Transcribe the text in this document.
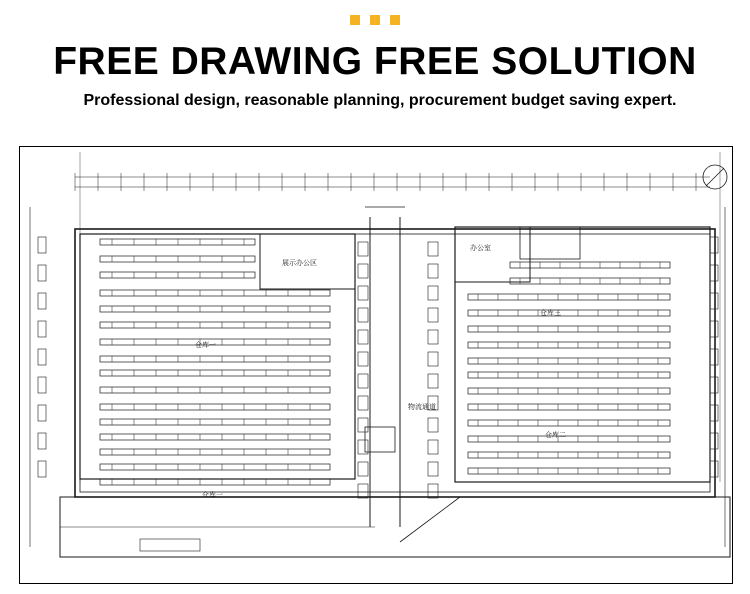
FREE DRAWING FREE SOLUTION

Professional design, reasonable planning, procurement budget saving expert.

展示办公区
办公室
物流通道
仓库一
仓库一
仓库三
仓库二
